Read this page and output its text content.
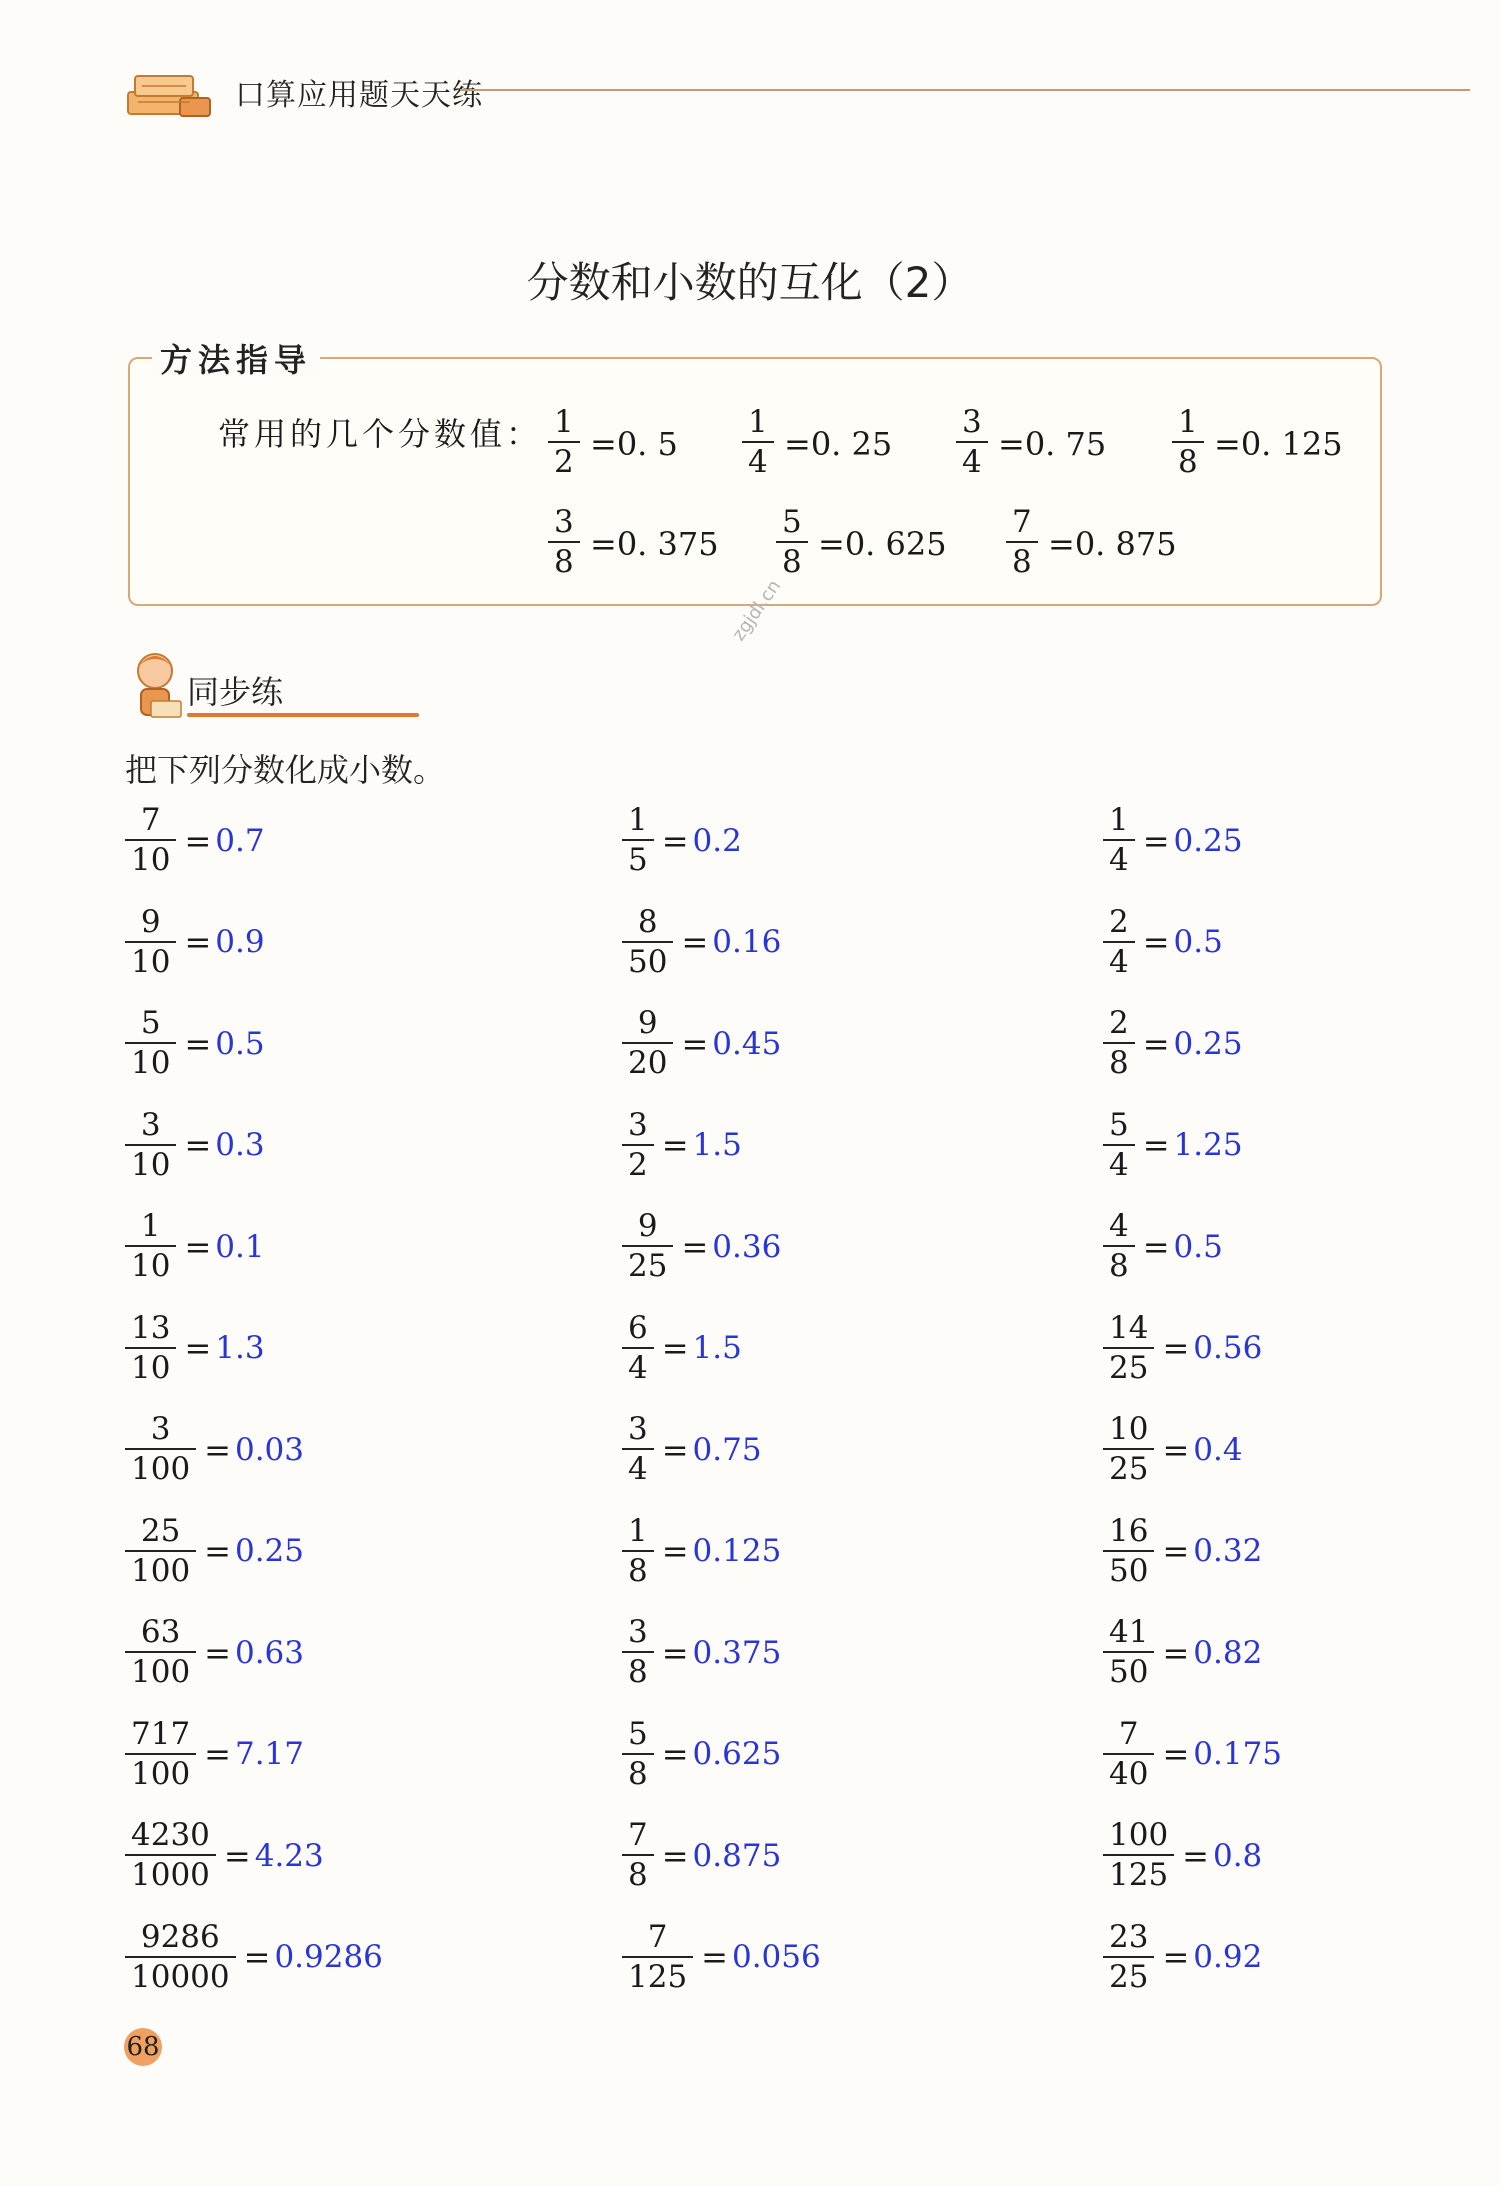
口算应用题天天练
分数和小数的互化（2）
方法指导
常用的几个分数值： $\frac{1}{2} =0$. $5 \frac{1}{4} =0$. $25 \frac{3}{4} =0$. $75 \frac{1}{8} =0$. 125
$\frac{3}{8} =0$. $375 \frac{5}{8} =0$. $625 \frac{7}{8} =0$. 875
同步练
把下列分数化成小数。
$\frac{7}{10} = 0.7$	$\frac{1}{5} = 0.2$	$\frac{1}{4} = 0.25$
$\frac{9}{10} = 0.9$	$\frac{8}{50} = 0.16$	$\frac{2}{4} = 0.5$
$\frac{5}{10} = 0.5$	$\frac{9}{20} = 0.45$	$\frac{2}{8} = 0.25$
$\frac{3}{10} = 0.3$	$\frac{3}{2} = 1.5$	$\frac{5}{4} = 1.25$
$\frac{1}{10} = 0.1$	$\frac{9}{25} = 0.36$	$\frac{4}{8} = 0.5$
$\frac{13}{10} = 1.3$	$\frac{6}{4} = 1.5$	$\frac{14}{25} = 0.56$
$\frac{3}{100} = 0.03$	$\frac{3}{4} = 0.75$	$\frac{10}{25} = 0.4$
$\frac{25}{100} = 0.25$	$\frac{1}{8} = 0.125$	$\frac{16}{50} = 0.32$
$\frac{63}{100} = 0.63$	$\frac{3}{8} = 0.375$	$\frac{41}{50} = 0.82$
$\frac{717}{100} = 7.17$	$\frac{5}{8} = 0.625$	$\frac{7}{40} = 0.175$
$\frac{4230}{1000} = 4.23$	$\frac{7}{8} = 0.875$	$\frac{100}{125} = 0.8$
$\frac{9286}{10000} = 0.9286$	$\frac{7}{125} = 0.056$	$\frac{23}{25} = 0.92$
zgjdl.cn
68
